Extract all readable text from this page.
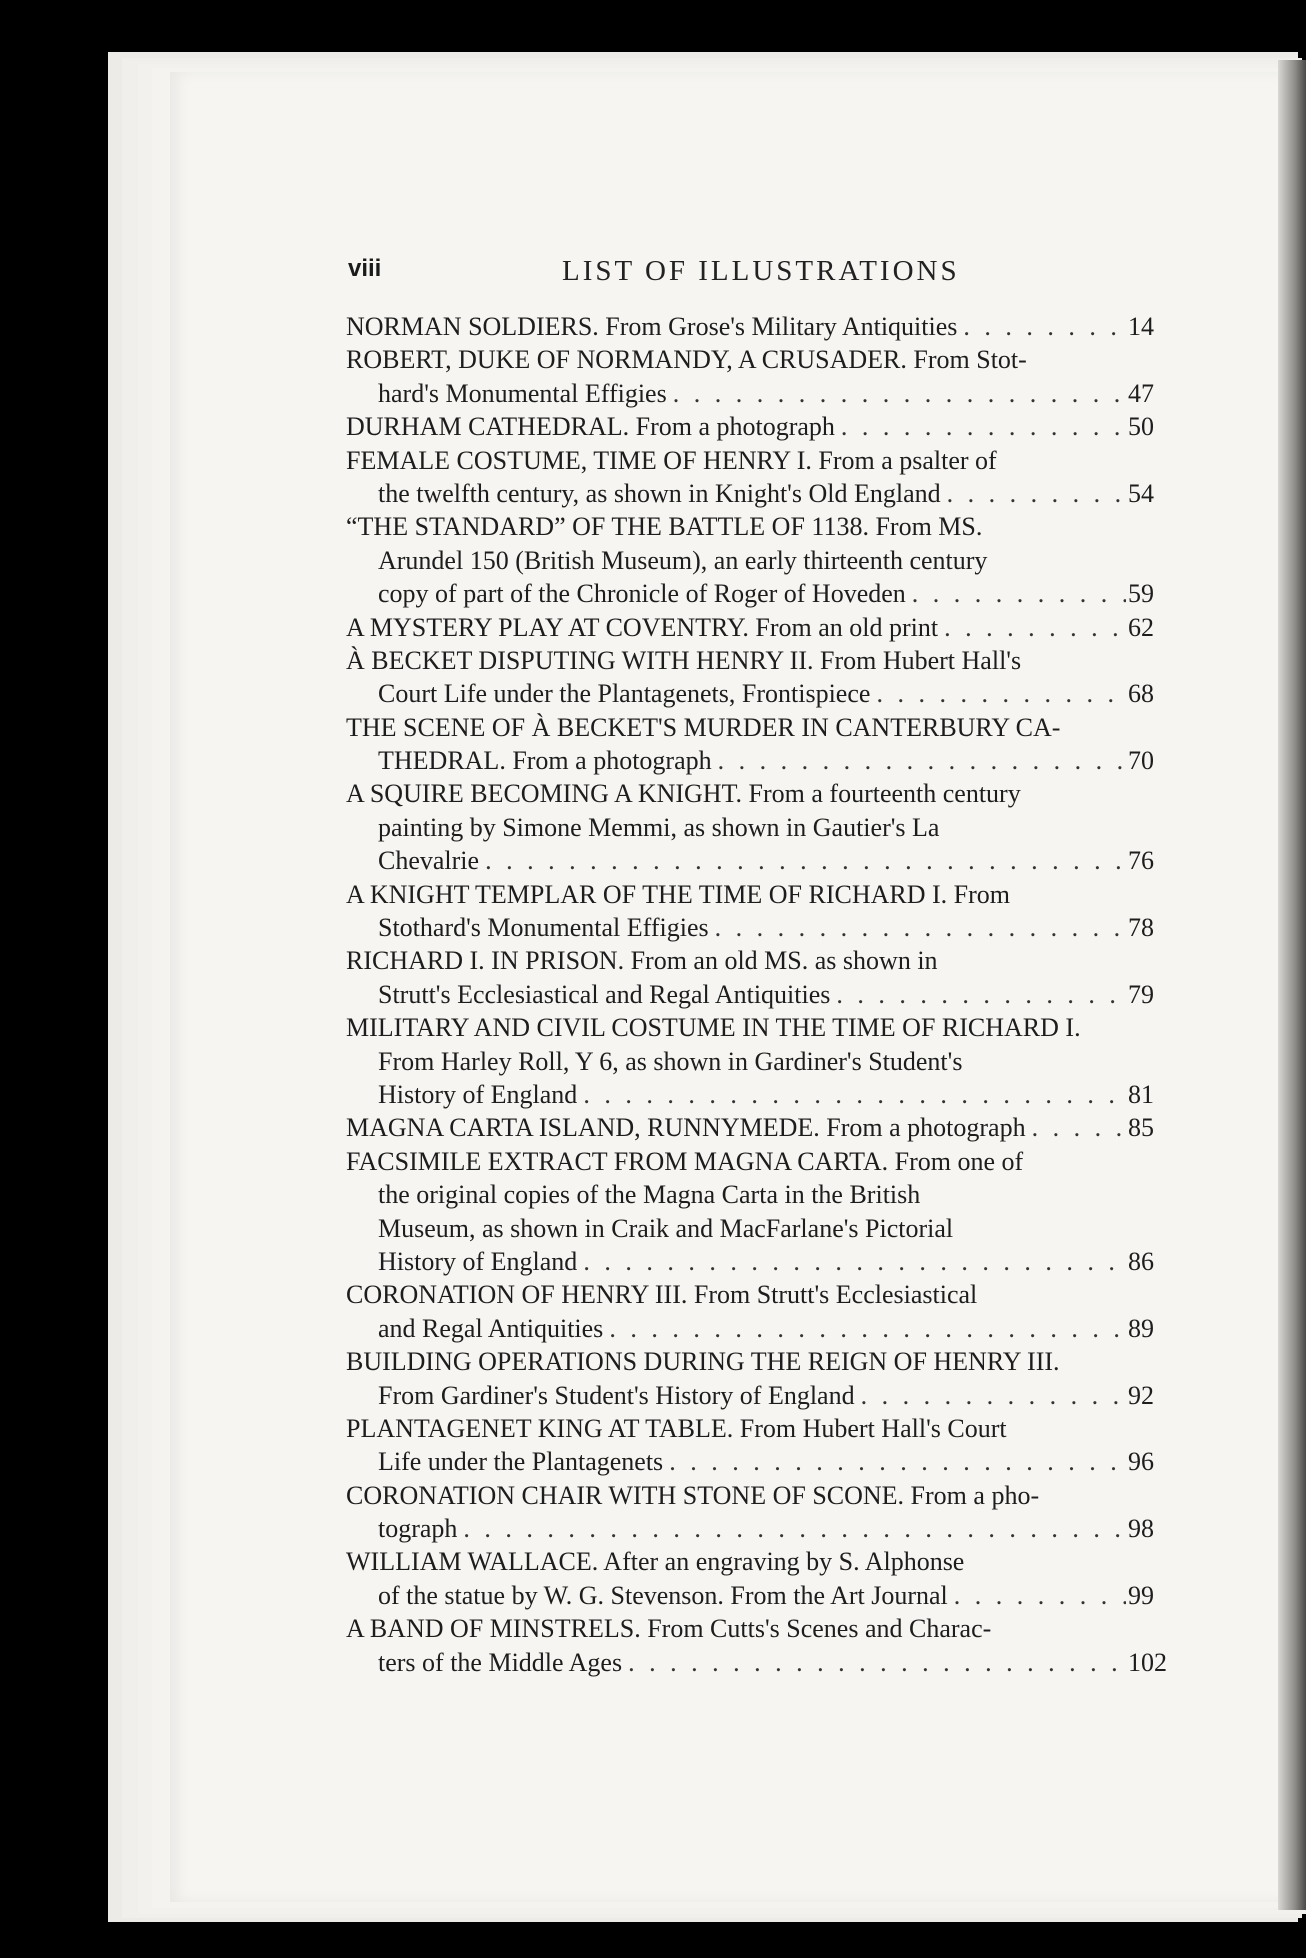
viii	LIST OF ILLUSTRATIONS
NORMAN SOLDIERS. From Grose's Military Antiquities . . .	14
ROBERT, DUKE OF NORMANDY, A CRUSADER. From Stot-
hard's Monumental Effigies . . .	47
DURHAM CATHEDRAL. From a photograph . . .	50
FEMALE COSTUME, TIME OF HENRY I. From a psalter of
the twelfth century, as shown in Knight's Old England . . .	54
“THE STANDARD” OF THE BATTLE OF 1138. From MS.
Arundel 150 (British Museum), an early thirteenth century
copy of part of the Chronicle of Roger of Hoveden . . .	59
A MYSTERY PLAY AT COVENTRY. From an old print . . .	62
À BECKET DISPUTING WITH HENRY II. From Hubert Hall's
Court Life under the Plantagenets, Frontispiece . . .	68
THE SCENE OF À BECKET'S MURDER IN CANTERBURY CA-
THEDRAL. From a photograph . . .	70
A SQUIRE BECOMING A KNIGHT. From a fourteenth century
painting by Simone Memmi, as shown in Gautier's La
Chevalrie . . .	76
A KNIGHT TEMPLAR OF THE TIME OF RICHARD I. From
Stothard's Monumental Effigies . . .	78
RICHARD I. IN PRISON. From an old MS. as shown in
Strutt's Ecclesiastical and Regal Antiquities . . .	79
MILITARY AND CIVIL COSTUME IN THE TIME OF RICHARD I.
From Harley Roll, Y 6, as shown in Gardiner's Student's
History of England . . .	81
MAGNA CARTA ISLAND, RUNNYMEDE. From a photograph . . .	85
FACSIMILE EXTRACT FROM MAGNA CARTA. From one of
the original copies of the Magna Carta in the British
Museum, as shown in Craik and MacFarlane's Pictorial
History of England . . .	86
CORONATION OF HENRY III. From Strutt's Ecclesiastical
and Regal Antiquities . . .	89
BUILDING OPERATIONS DURING THE REIGN OF HENRY III.
From Gardiner's Student's History of England . . .	92
PLANTAGENET KING AT TABLE. From Hubert Hall's Court
Life under the Plantagenets . . .	96
CORONATION CHAIR WITH STONE OF SCONE. From a pho-
tograph . . .	98
WILLIAM WALLACE. After an engraving by S. Alphonse
of the statue by W. G. Stevenson. From the Art Journal . . .	99
A BAND OF MINSTRELS. From Cutts's Scenes and Charac-
ters of the Middle Ages . . .	102
